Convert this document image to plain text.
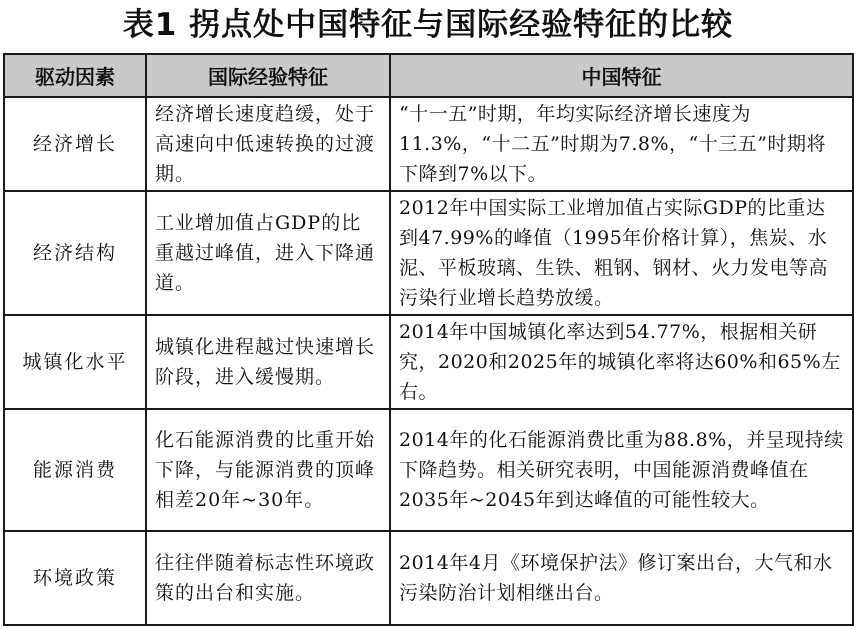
表1 拐点处中国特征与国际经验特征的比较
驱动因素	国际经验特征	中国特征
经济增长	经济增长速度趋缓，处于高速向中低速转换的过渡期。	“十一五”时期，年均实际经济增长速度为11.3%，“十二五”时期为7.8%，“十三五”时期将下降到7%以下。
经济结构	工业增加值占GDP的比重越过峰值，进入下降通道。	2012年中国实际工业增加值占实际GDP的比重达到47.99%的峰值（1995年价格计算），焦炭、水泥、平板玻璃、生铁、粗钢、钢材、火力发电等高污染行业增长趋势放缓。
城镇化水平	城镇化进程越过快速增长阶段，进入缓慢期。	2014年中国城镇化率达到54.77%，根据相关研究，2020和2025年的城镇化率将达60%和65%左右。
能源消费	化石能源消费的比重开始下降，与能源消费的顶峰相差20年~30年。	2014年的化石能源消费比重为88.8%，并呈现持续下降趋势。相关研究表明，中国能源消费峰值在2035年~2045年到达峰值的可能性较大。
环境政策	往往伴随着标志性环境政策的出台和实施。	2014年4月《环境保护法》修订案出台，大气和水污染防治计划相继出台。
